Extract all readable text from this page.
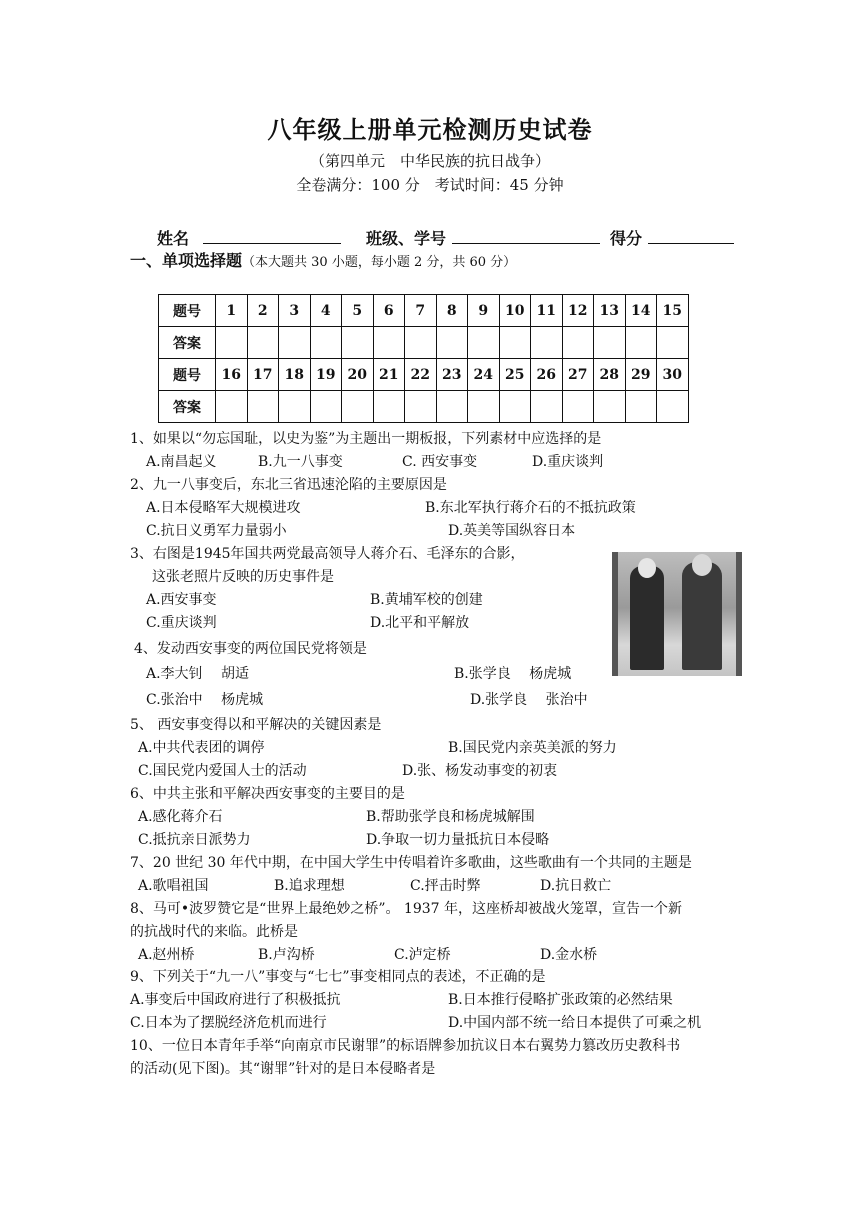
八年级上册单元检测历史试卷
（第四单元　中华民族的抗日战争）
全卷满分：100 分　考试时间：45 分钟
姓名	班级、学号	得分
一、单项选择题（本大题共 30 小题，每小题 2 分，共 60 分）
题号	1	2	3	4	5	6	7	8	9	10	11	12	13	14	15
答案															
题号	16	17	18	19	20	21	22	23	24	25	26	27	28	29	30
答案															
1、如果以“勿忘国耻，以史为鉴”为主题出一期板报，下列素材中应选择的是
A.南昌起义	B.九一八事变	C. 西安事变	D.重庆谈判
2、九一八事变后，东北三省迅速沦陷的主要原因是
A.日本侵略军大规模进攻	B.东北军执行蒋介石的不抵抗政策
C.抗日义勇军力量弱小	D.英美等国纵容日本
3、右图是1945年国共两党最高领导人蒋介石、毛泽东的合影，
这张老照片反映的历史事件是
A.西安事变	B.黄埔军校的创建
C.重庆谈判	D.北平和平解放
4、发动西安事变的两位国民党将领是
A.李大钊　 胡适	B.张学良　 杨虎城
C.张治中　 杨虎城	D.张学良　 张治中
5、 西安事变得以和平解决的关键因素是
A.中共代表团的调停	B.国民党内亲英美派的努力
C.国民党内爱国人士的活动	D.张、杨发动事变的初衷
6、中共主张和平解决西安事变的主要目的是
A.感化蒋介石	B.帮助张学良和杨虎城解围
C.抵抗亲日派势力	D.争取一切力量抵抗日本侵略
7、20 世纪 30 年代中期，在中国大学生中传唱着许多歌曲，这些歌曲有一个共同的主题是
A.歌唱祖国	B.追求理想	C.抨击时弊	D.抗日救亡
8、马可•波罗赞它是“世界上最绝妙之桥”。 1937 年，这座桥却被战火笼罩，宣告一个新
的抗战时代的来临。此桥是
A.赵州桥	B.卢沟桥	C.泸定桥	D.金水桥
9、下列关于“九一八”事变与“七七”事变相同点的表述，不正确的是
A.事变后中国政府进行了积极抵抗	B.日本推行侵略扩张政策的必然结果
C.日本为了摆脱经济危机而进行	D.中国内部不统一给日本提供了可乘之机
10、一位日本青年手举“向南京市民谢罪”的标语牌参加抗议日本右翼势力篡改历史教科书
的活动(见下图)。其“谢罪”针对的是日本侵略者是
